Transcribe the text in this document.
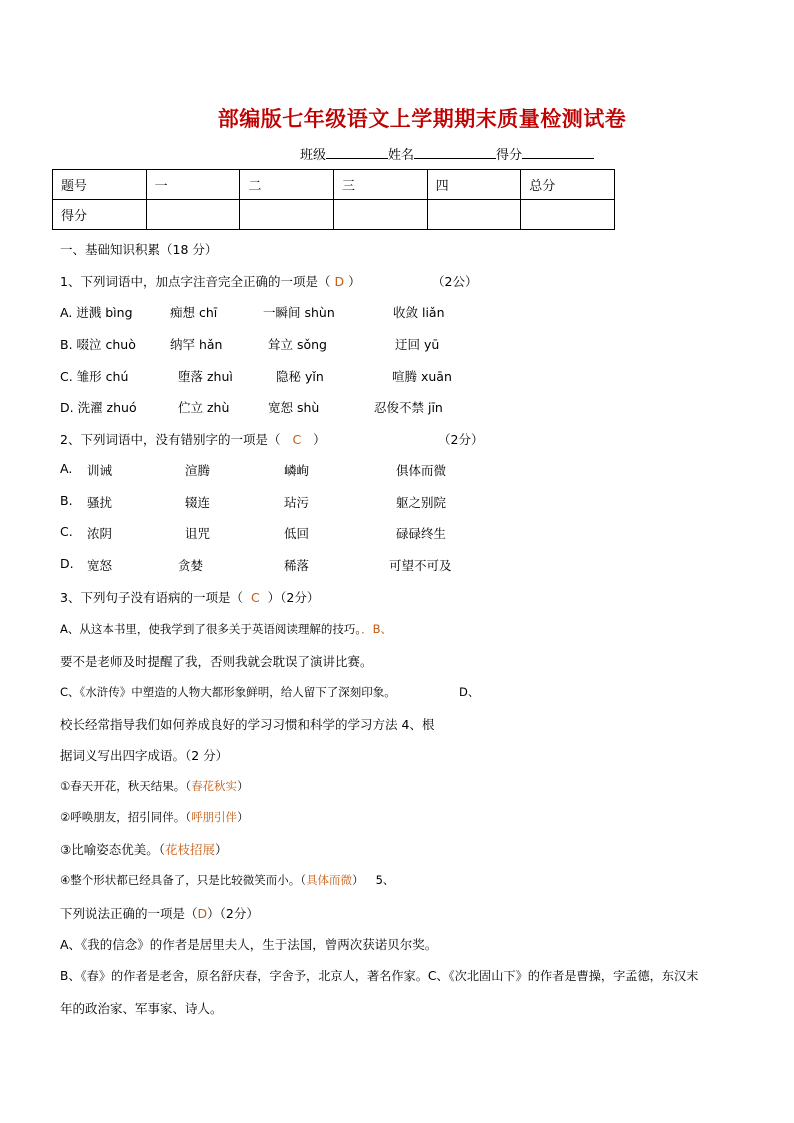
部编版七年级语文上学期期末质量检测试卷
班级	姓名	得分
题号	一	二	三	四	总分
得分					
一、基础知识积累（18 分）
1、下列词语中，加点字注音完全正确的一项是（ D ）	（2公）
A. 迸溅 bìng	痴想 chī	一瞬间 shùn	收敛 liǎn
B. 啜泣 chuò	纳罕 hǎn	耸立 sǒng	迂回 yū
C. 雏形 chú	堕落 zhuì	隐秘 yǐn	喧腾 xuān
D. 洗濯 zhuó	伫立 zhù	宽恕 shù	忍俊不禁 jīn
2、下列词语中，没有错别字的一项是（ C ）	（2分）
A. 训诫	渲腾	嶙峋	俱体而微
B. 骚扰	辍连	玷污	躯之别院
C. 浓阴	诅咒	低回	碌碌终生
D. 宽怒	贪婪	稀落	可望不可及
3、下列句子没有语病的一项是（ C ）（2分）
A、从这本书里，使我学到了很多关于英语阅读理解的技巧。．B、
要不是老师及时提醒了我，否则我就会耽误了演讲比赛。
C、《水浒传》中塑造的人物大都形象鲜明，给人留下了深刻印象。	D、
校长经常指导我们如何养成良好的学习习惯和科学的学习方法 4、根
据词义写出四字成语。（2 分）
①春天开花，秋天结果。（春花秋实）
②呼唤朋友，招引同伴。（呼朋引伴）
③比喻姿态优美。（花枝招展）
④整个形状都已经具备了，只是比较微笑而小。（具体而微） 5、
下列说法正确的一项是（D）（2分）
A、《我的信念》的作者是居里夫人，生于法国，曾两次获诺贝尔奖。
B、《春》的作者是老舍，原名舒庆春，字舍予，北京人，著名作家。C、《次北固山下》的作者是曹操，字孟德，东汉末
年的政治家、军事家、诗人。
